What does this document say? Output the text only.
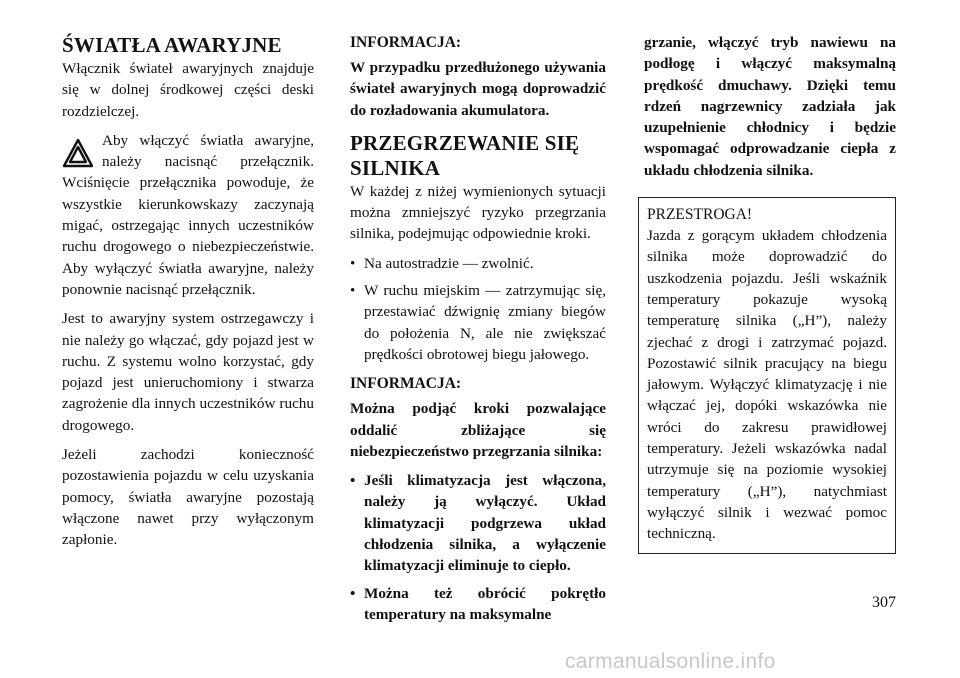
ŚWIATŁA AWARYJNE

Włącznik świateł awaryjnych znajduje się w dolnej środkowej części deski rozdzielczej.

Aby włączyć światła awaryjne, należy nacisnąć przełącznik. Wciśnięcie przełącznika powoduje, że wszystkie kierunkowskazy zaczynają migać, ostrzegając innych uczestników ruchu drogowego o niebezpieczeństwie. Aby wyłączyć światła awaryjne, należy ponownie nacisnąć przełącznik.

Jest to awaryjny system ostrzegawczy i nie należy go włączać, gdy pojazd jest w ruchu. Z systemu wolno korzystać, gdy pojazd jest unieruchomiony i stwarza zagrożenie dla innych uczestników ruchu drogowego.

Jeżeli zachodzi konieczność pozostawienia pojazdu w celu uzyskania pomocy, światła awaryjne pozostają włączone nawet przy wyłączonym zapłonie.

INFORMACJA:

W przypadku przedłużonego używania świateł awaryjnych mogą doprowadzić do rozładowania akumulatora.

PRZEGRZEWANIE SIĘ SILNIKA

W każdej z niżej wymienionych sytuacji można zmniejszyć ryzyko przegrzania silnika, podejmując odpowiednie kroki.

• Na autostradzie — zwolnić.
• W ruchu miejskim — zatrzymując się, przestawiać dźwignię zmiany biegów do położenia N, ale nie zwiększać prędkości obrotowej biegu jałowego.
INFORMACJA:

Można podjąć kroki pozwalające oddalić zbliżające się niebezpieczeństwo przegrzania silnika:

• Jeśli klimatyzacja jest włączona, należy ją wyłączyć. Układ klimatyzacji podgrzewa układ chłodzenia silnika, a wyłączenie klimatyzacji eliminuje to ciepło.
• Można też obrócić pokrętło temperatury na maksymalne

grzanie, włączyć tryb nawiewu na podłogę i włączyć maksymalną prędkość dmuchawy. Dzięki temu rdzeń nagrzewnicy zadziała jak uzupełnienie chłodnicy i będzie wspomagać odprowadzanie ciepła z układu chłodzenia silnika.

PRZESTROGA!

Jazda z gorącym układem chłodzenia silnika może doprowadzić do uszkodzenia pojazdu. Jeśli wskaźnik temperatury pokazuje wysoką temperaturę silnika („H”), należy zjechać z drogi i zatrzymać pojazd. Pozostawić silnik pracujący na biegu jałowym. Wyłączyć klimatyzację i nie włączać jej, dopóki wskazówka nie wróci do zakresu prawidłowej temperatury. Jeżeli wskazówka nadal utrzymuje się na poziomie wysokiej temperatury („H”), natychmiast wyłączyć silnik i wezwać pomoc techniczną.

307
carmanualsonline.info
